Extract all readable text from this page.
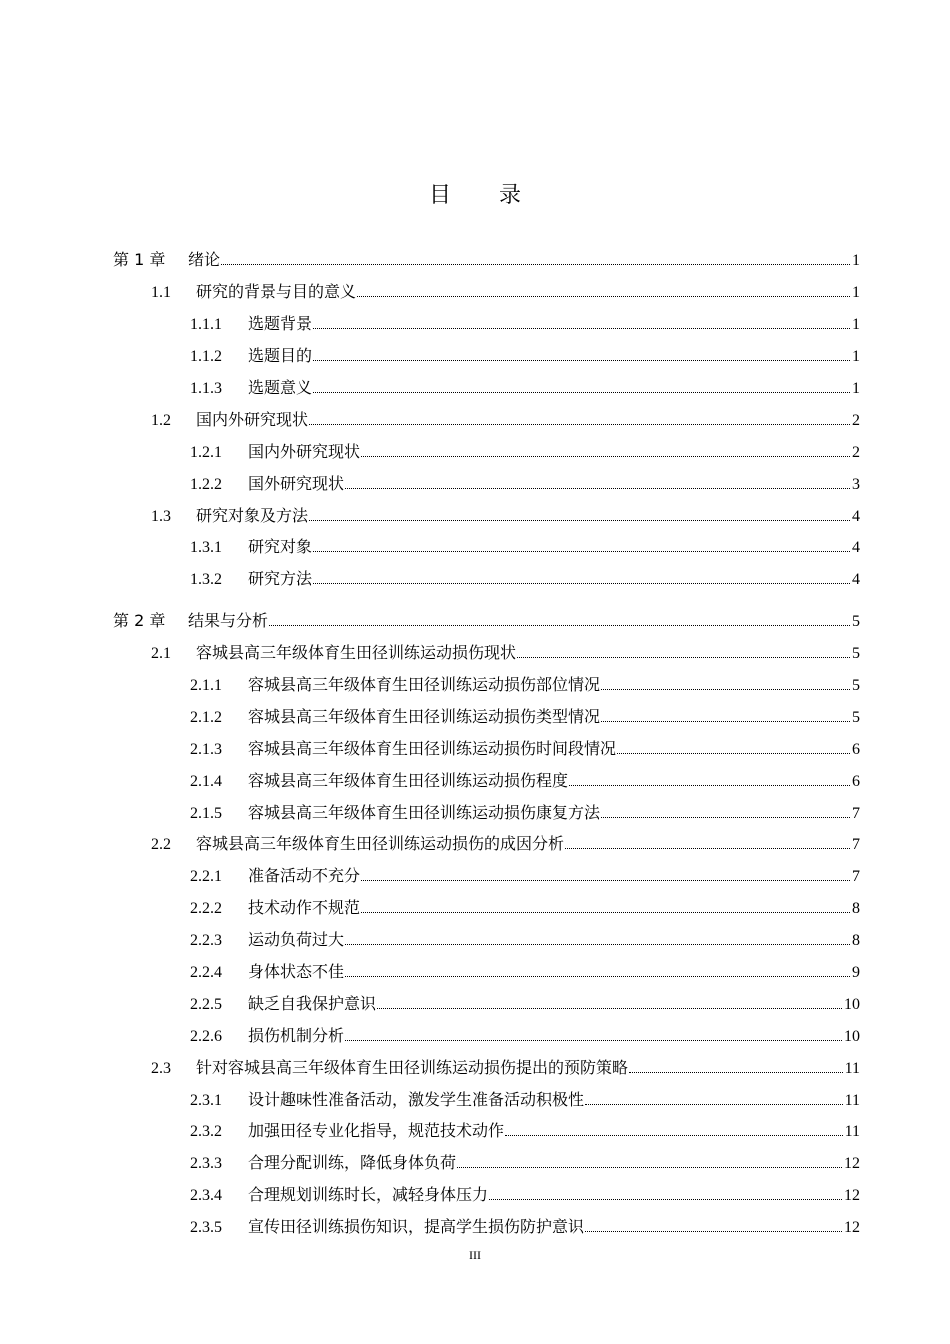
目 录
第 1 章	绪论	1
1.1	研究的背景与目的意义	1
1.1.1	选题背景	1
1.1.2	选题目的	1
1.1.3	选题意义	1
1.2	国内外研究现状	2
1.2.1	国内外研究现状	2
1.2.2	国外研究现状	3
1.3	研究对象及方法	4
1.3.1	研究对象	4
1.3.2	研究方法	4
第 2 章	结果与分析	5
2.1	容城县高三年级体育生田径训练运动损伤现状	5
2.1.1	容城县高三年级体育生田径训练运动损伤部位情况	5
2.1.2	容城县高三年级体育生田径训练运动损伤类型情况	5
2.1.3	容城县高三年级体育生田径训练运动损伤时间段情况	6
2.1.4	容城县高三年级体育生田径训练运动损伤程度	6
2.1.5	容城县高三年级体育生田径训练运动损伤康复方法	7
2.2	容城县高三年级体育生田径训练运动损伤的成因分析	7
2.2.1	准备活动不充分	7
2.2.2	技术动作不规范	8
2.2.3	运动负荷过大	8
2.2.4	身体状态不佳	9
2.2.5	缺乏自我保护意识	10
2.2.6	损伤机制分析	10
2.3	针对容城县高三年级体育生田径训练运动损伤提出的预防策略	11
2.3.1	设计趣味性准备活动，激发学生准备活动积极性	11
2.3.2	加强田径专业化指导，规范技术动作	11
2.3.3	合理分配训练，降低身体负荷	12
2.3.4	合理规划训练时长，减轻身体压力	12
2.3.5	宣传田径训练损伤知识，提高学生损伤防护意识	12
III
